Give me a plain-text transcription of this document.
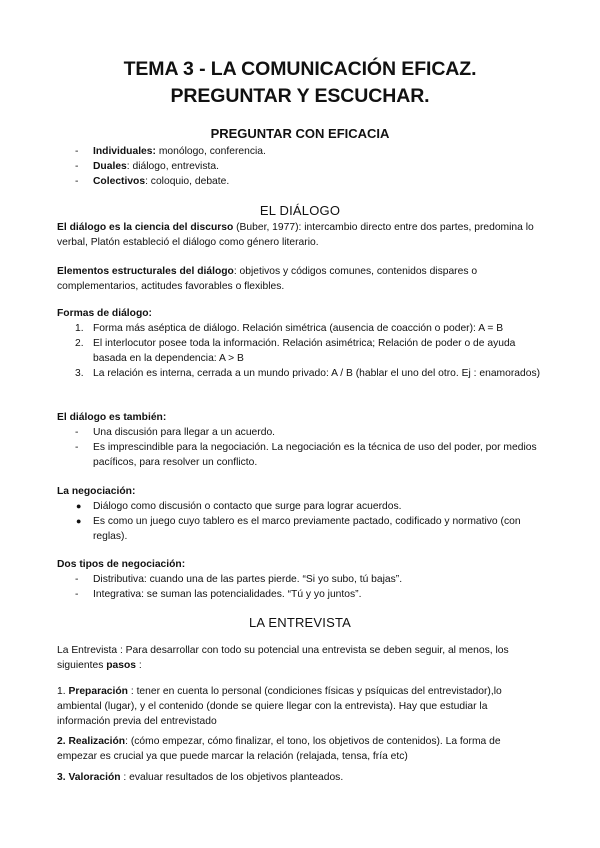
TEMA 3 - LA COMUNICACIÓN EFICAZ.
PREGUNTAR Y ESCUCHAR.
PREGUNTAR CON EFICACIA
- Individuales: monólogo, conferencia.
- Duales: diálogo, entrevista.
- Colectivos: coloquio, debate.
EL DIÁLOGO

El diálogo es la ciencia del discurso (Buber, 1977): intercambio directo entre dos partes, predomina lo verbal, Platón estableció el diálogo como género literario.

Elementos estructurales del diálogo: objetivos y códigos comunes, contenidos dispares o complementarios, actitudes favorables o flexibles.

Formas de diálogo:
1. Forma más aséptica de diálogo. Relación simétrica (ausencia de coacción o poder): A = B
2. El interlocutor posee toda la información. Relación asimétrica; Relación de poder o de ayuda basada en la dependencia: A > B
3. La relación es interna, cerrada a un mundo privado: A / B (hablar el uno del otro. Ej : enamorados)
El diálogo es también:
- Una discusión para llegar a un acuerdo.
- Es imprescindible para la negociación. La negociación es la técnica de uso del poder, por medios pacíficos, para resolver un conflicto.
La negociación:
● Diálogo como discusión o contacto que surge para lograr acuerdos.
● Es como un juego cuyo tablero es el marco previamente pactado, codificado y normativo (con reglas).
Dos tipos de negociación:
- Distributiva: cuando una de las partes pierde. “Si yo subo, tú bajas”.
- Integrativa: se suman las potencialidades. “Tú y yo juntos”.
LA ENTREVISTA

La Entrevista : Para desarrollar con todo su potencial una entrevista se deben seguir, al menos, los siguientes pasos :

1. Preparación : tener en cuenta lo personal (condiciones físicas y psíquicas del entrevistador),lo ambiental (lugar), y el contenido (donde se quiere llegar con la entrevista). Hay que estudiar la información previa del entrevistado

2. Realización: (cómo empezar, cómo finalizar, el tono, los objetivos de contenidos). La forma de empezar es crucial ya que puede marcar la relación (relajada, tensa, fría etc)

3. Valoración : evaluar resultados de los objetivos planteados.
